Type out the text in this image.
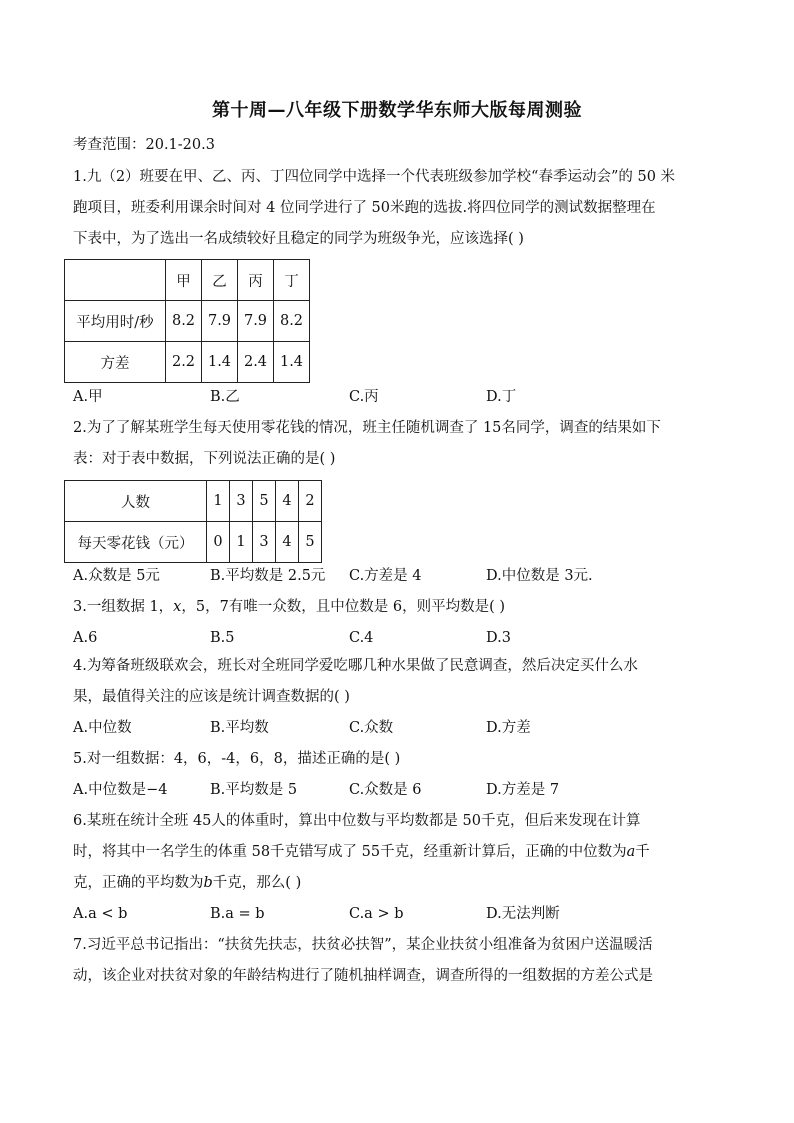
第十周—八年级下册数学华东师大版每周测验
考查范围：20.1-20.3
1.九（2）班要在甲、乙、丙、丁四位同学中选择一个代表班级参加学校“春季运动会”的 50 米
跑项目，班委利用课余时间对 4 位同学进行了 50米跑的选拔.将四位同学的测试数据整理在
下表中，为了选出一名成绩较好且稳定的同学为班级争光，应该选择( )
	甲	乙	丙	丁
平均用时/秒	8.2	7.9	7.9	8.2
方差	2.2	1.4	2.4	1.4
A.甲	B.乙	C.丙	D.丁
2.为了了解某班学生每天使用零花钱的情况，班主任随机调查了 15名同学，调查的结果如下
表：对于表中数据，下列说法正确的是( )
人数	1	3	5	4	2
每天零花钱（元）	0	1	3	4	5
A.众数是 5元	B.平均数是 2.5元 C.方差是 4	D.中位数是 3元.
3.一组数据 1，x，5，7有唯一众数，且中位数是 6，则平均数是( )
A.6	B.5	C.4	D.3
4.为筹备班级联欢会，班长对全班同学爱吃哪几种水果做了民意调查，然后决定买什么水
果，最值得关注的应该是统计调查数据的( )
A.中位数	B.平均数	C.众数	D.方差
5.对一组数据：4，6，-4，6，8，描述正确的是( )
A.中位数是−4	B.平均数是 5	C.众数是 6	D.方差是 7
6.某班在统计全班 45人的体重时，算出中位数与平均数都是 50千克，但后来发现在计算
时，将其中一名学生的体重 58千克错写成了 55千克，经重新计算后，正确的中位数为a千
克，正确的平均数为b千克，那么( )
A.a < b	B.a = b	C.a > b	D.无法判断
7.习近平总书记指出：“扶贫先扶志，扶贫必扶智”，某企业扶贫小组准备为贫困户送温暖活
动，该企业对扶贫对象的年龄结构进行了随机抽样调查，调查所得的一组数据的方差公式是
